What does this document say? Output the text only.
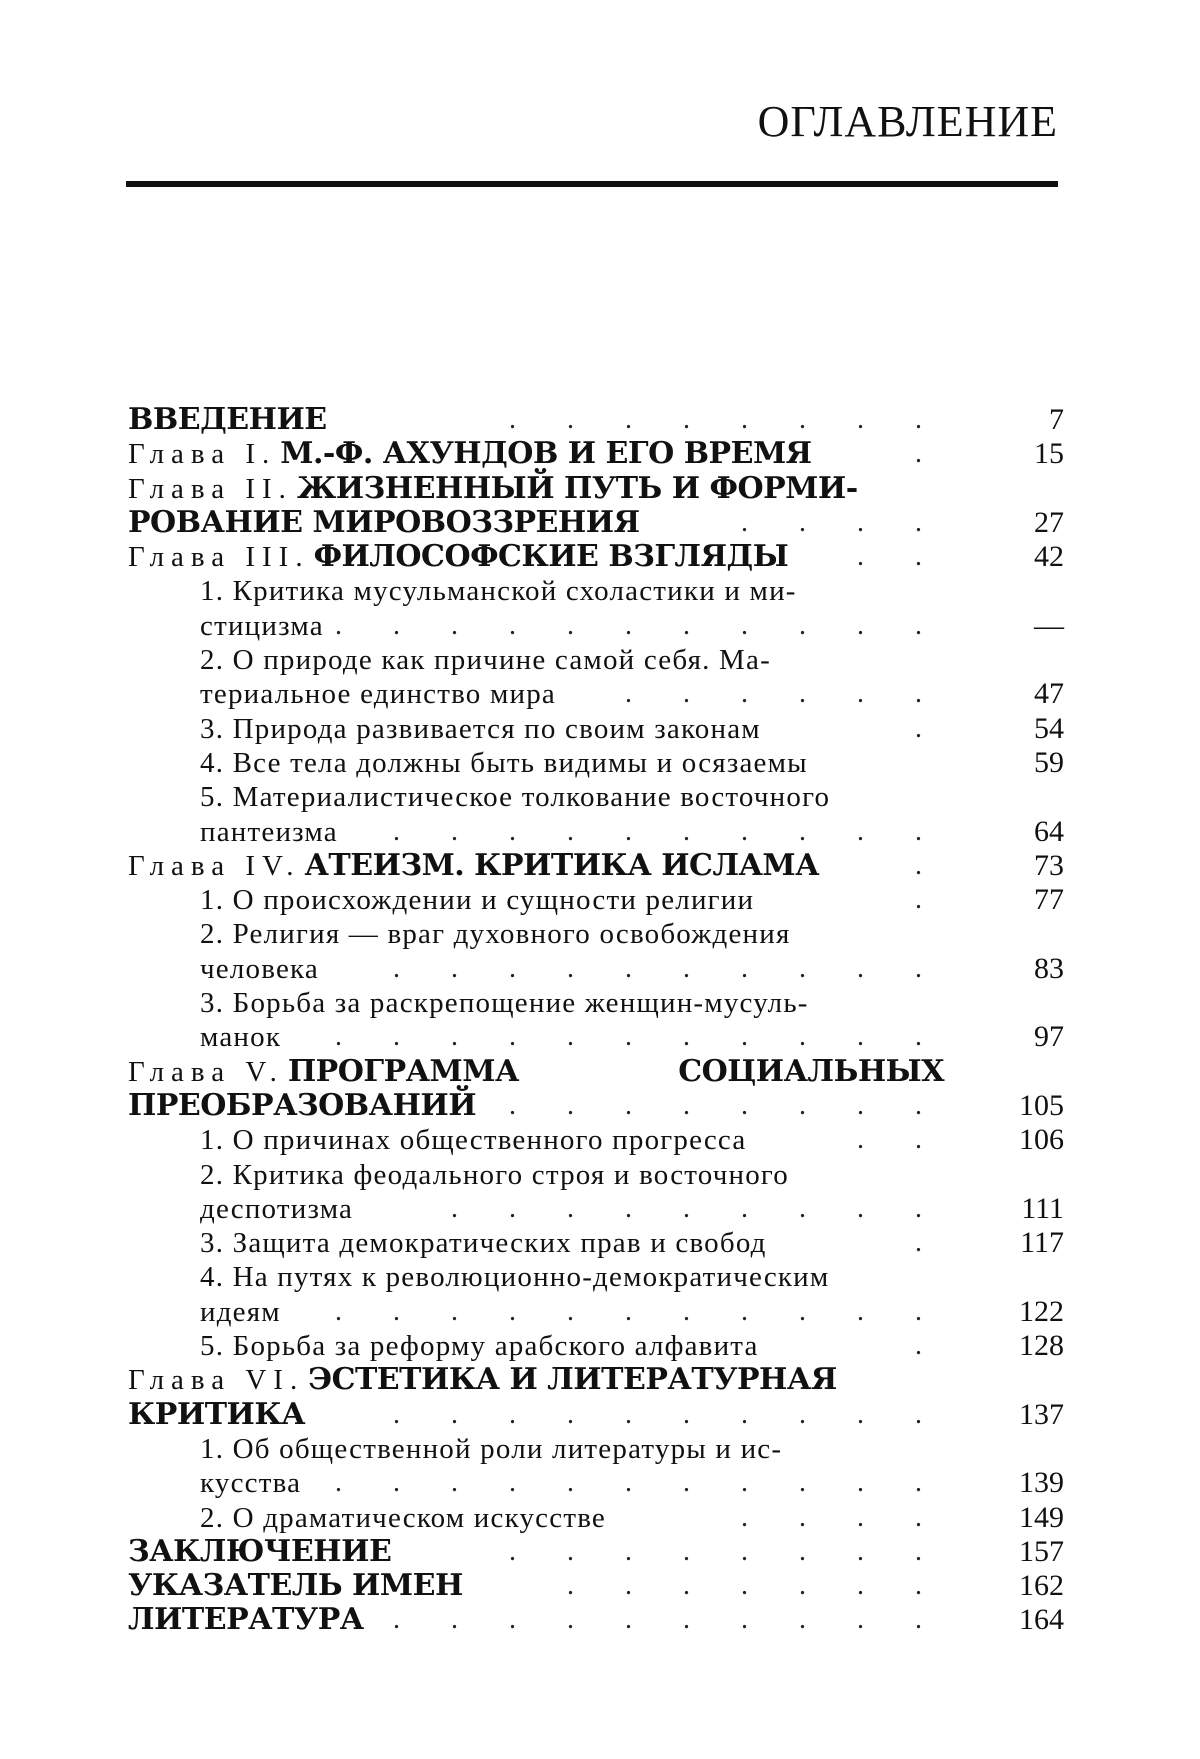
ОГЛАВЛЕНИЕ
ВВЕДЕНИЕ	. . . . . . . .	7
Глава I. М.-Ф. АХУНДОВ И ЕГО ВРЕМЯ	.	15
Глава II. ЖИЗНЕННЫЙ ПУТЬ И ФОРМИ-
РОВАНИЕ МИРОВОЗЗРЕНИЯ	. . . .	27
Глава III. ФИЛОСОФСКИЕ ВЗГЛЯДЫ . .	42
1. Критика мусульманской схоластики и ми-
стицизма . . . . . . . . . . .	—
2. О природе как причине самой себя. Ма-
териальное единство мира . . . . . .	47
3. Природа развивается по своим законам	.	54
4. Все тела должны быть видимы и осязаемы	59
5. Материалистическое толкование восточного
пантеизма . . . . . . . . . .	64
Глава IV. АТЕИЗМ. КРИТИКА ИСЛАМА	.	73
1. О происхождении и сущности религии	.	77
2. Религия — враг духовного освобождения
человека	. . . . . . . . . .	83
3. Борьба за раскрепощение женщин-мусуль-
манок . . . . . . . . . . .	97
Глава V. ПРОГРАММА	СОЦИАЛЬНЫХ
ПРЕОБРАЗОВАНИЙ . . . . . . . .	105
1. О причинах общественного прогресса	. .	106
2. Критика феодального строя и восточного
деспотизма	. . . . . . . . .	111
3. Защита демократических прав и свобод	.	117
4. На путях к революционно-демократическим
идеям . . . . . . . . . . .	122
5. Борьба за реформу арабского алфавита	.	128
Глава VI. ЭСТЕТИКА И ЛИТЕРАТУРНАЯ
КРИТИКА	. . . . . . . . . .	137
1. Об общественной роли литературы и ис-
кусства . . . . . . . . . . .	139
2. О драматическом искусстве	. . . .	149
ЗАКЛЮЧЕНИЕ	. . . . . . . .	157
УКАЗАТЕЛЬ ИМЕН	. . . . . . .	162
ЛИТЕРАТУРА . . . . . . . . . .	164
